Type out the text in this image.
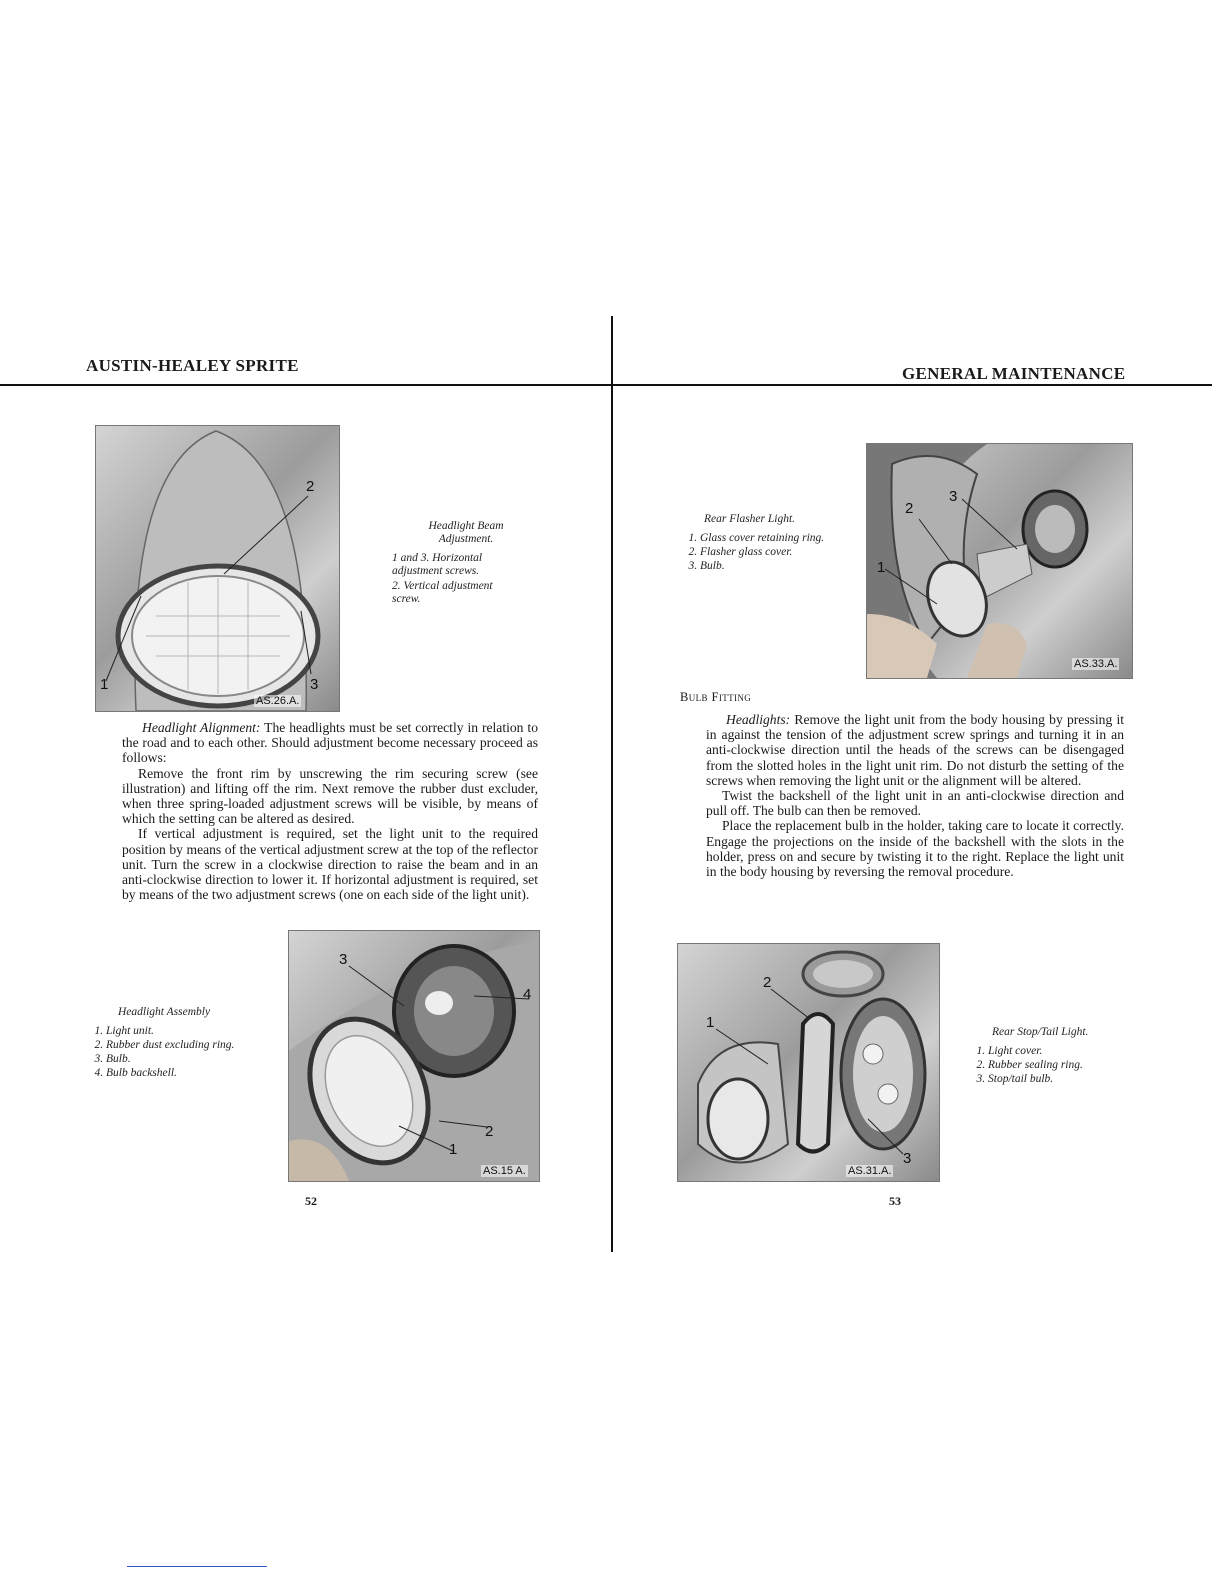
AUSTIN-HEALEY SPRITE	GENERAL MAINTENANCE
2
1	3
AS.26.A.
Headlight Beam
Adjustment.
1 and 3. Horizontal adjustment screws.
2. Vertical adjustment screw.

Headlight Alignment: The headlights must be set correctly in relation to the road and to each other. Should adjustment become necessary proceed as follows:

Remove the front rim by unscrewing the rim securing screw (see illustration) and lifting off the rim. Next remove the rubber dust excluder, when three spring-loaded adjustment screws will be visible, by means of which the setting can be altered as desired.

If vertical adjustment is required, set the light unit to the required position by means of the vertical adjustment screw at the top of the reflector unit. Turn the screw in a clockwise direction to raise the beam and in an anti-clockwise direction to lower it. If horizontal adjustment is required, set by means of the two adjustment screws (one on each side of the light unit).

3
4
2
1
AS.15 A.
Headlight Assembly
1. Light unit.
2. Rubber dust excluding ring.
3. Bulb.
4. Bulb backshell.
52
2
3
1
AS.33.A.
Rear Flasher Light.
1. Glass cover retaining ring.
2. Flasher glass cover.
3. Bulb.
Bulb Fitting

Headlights: Remove the light unit from the body housing by pressing it in against the tension of the adjustment screw springs and turning it in an anti-clockwise direction until the heads of the screws can be disengaged from the slotted holes in the light unit rim. Do not disturb the setting of the screws when removing the light unit or the alignment will be altered.

Twist the backshell of the light unit in an anti-clockwise direction and pull off. The bulb can then be removed.

Place the replacement bulb in the holder, taking care to locate it correctly. Engage the projections on the inside of the backshell with the slots in the holder, press on and secure by twisting it to the right. Replace the light unit in the body housing by reversing the removal procedure.

2
1
3
AS.31.A.
Rear Stop/Tail Light.
1. Light cover.
2. Rubber sealing ring.
3. Stop/tail bulb.
53
